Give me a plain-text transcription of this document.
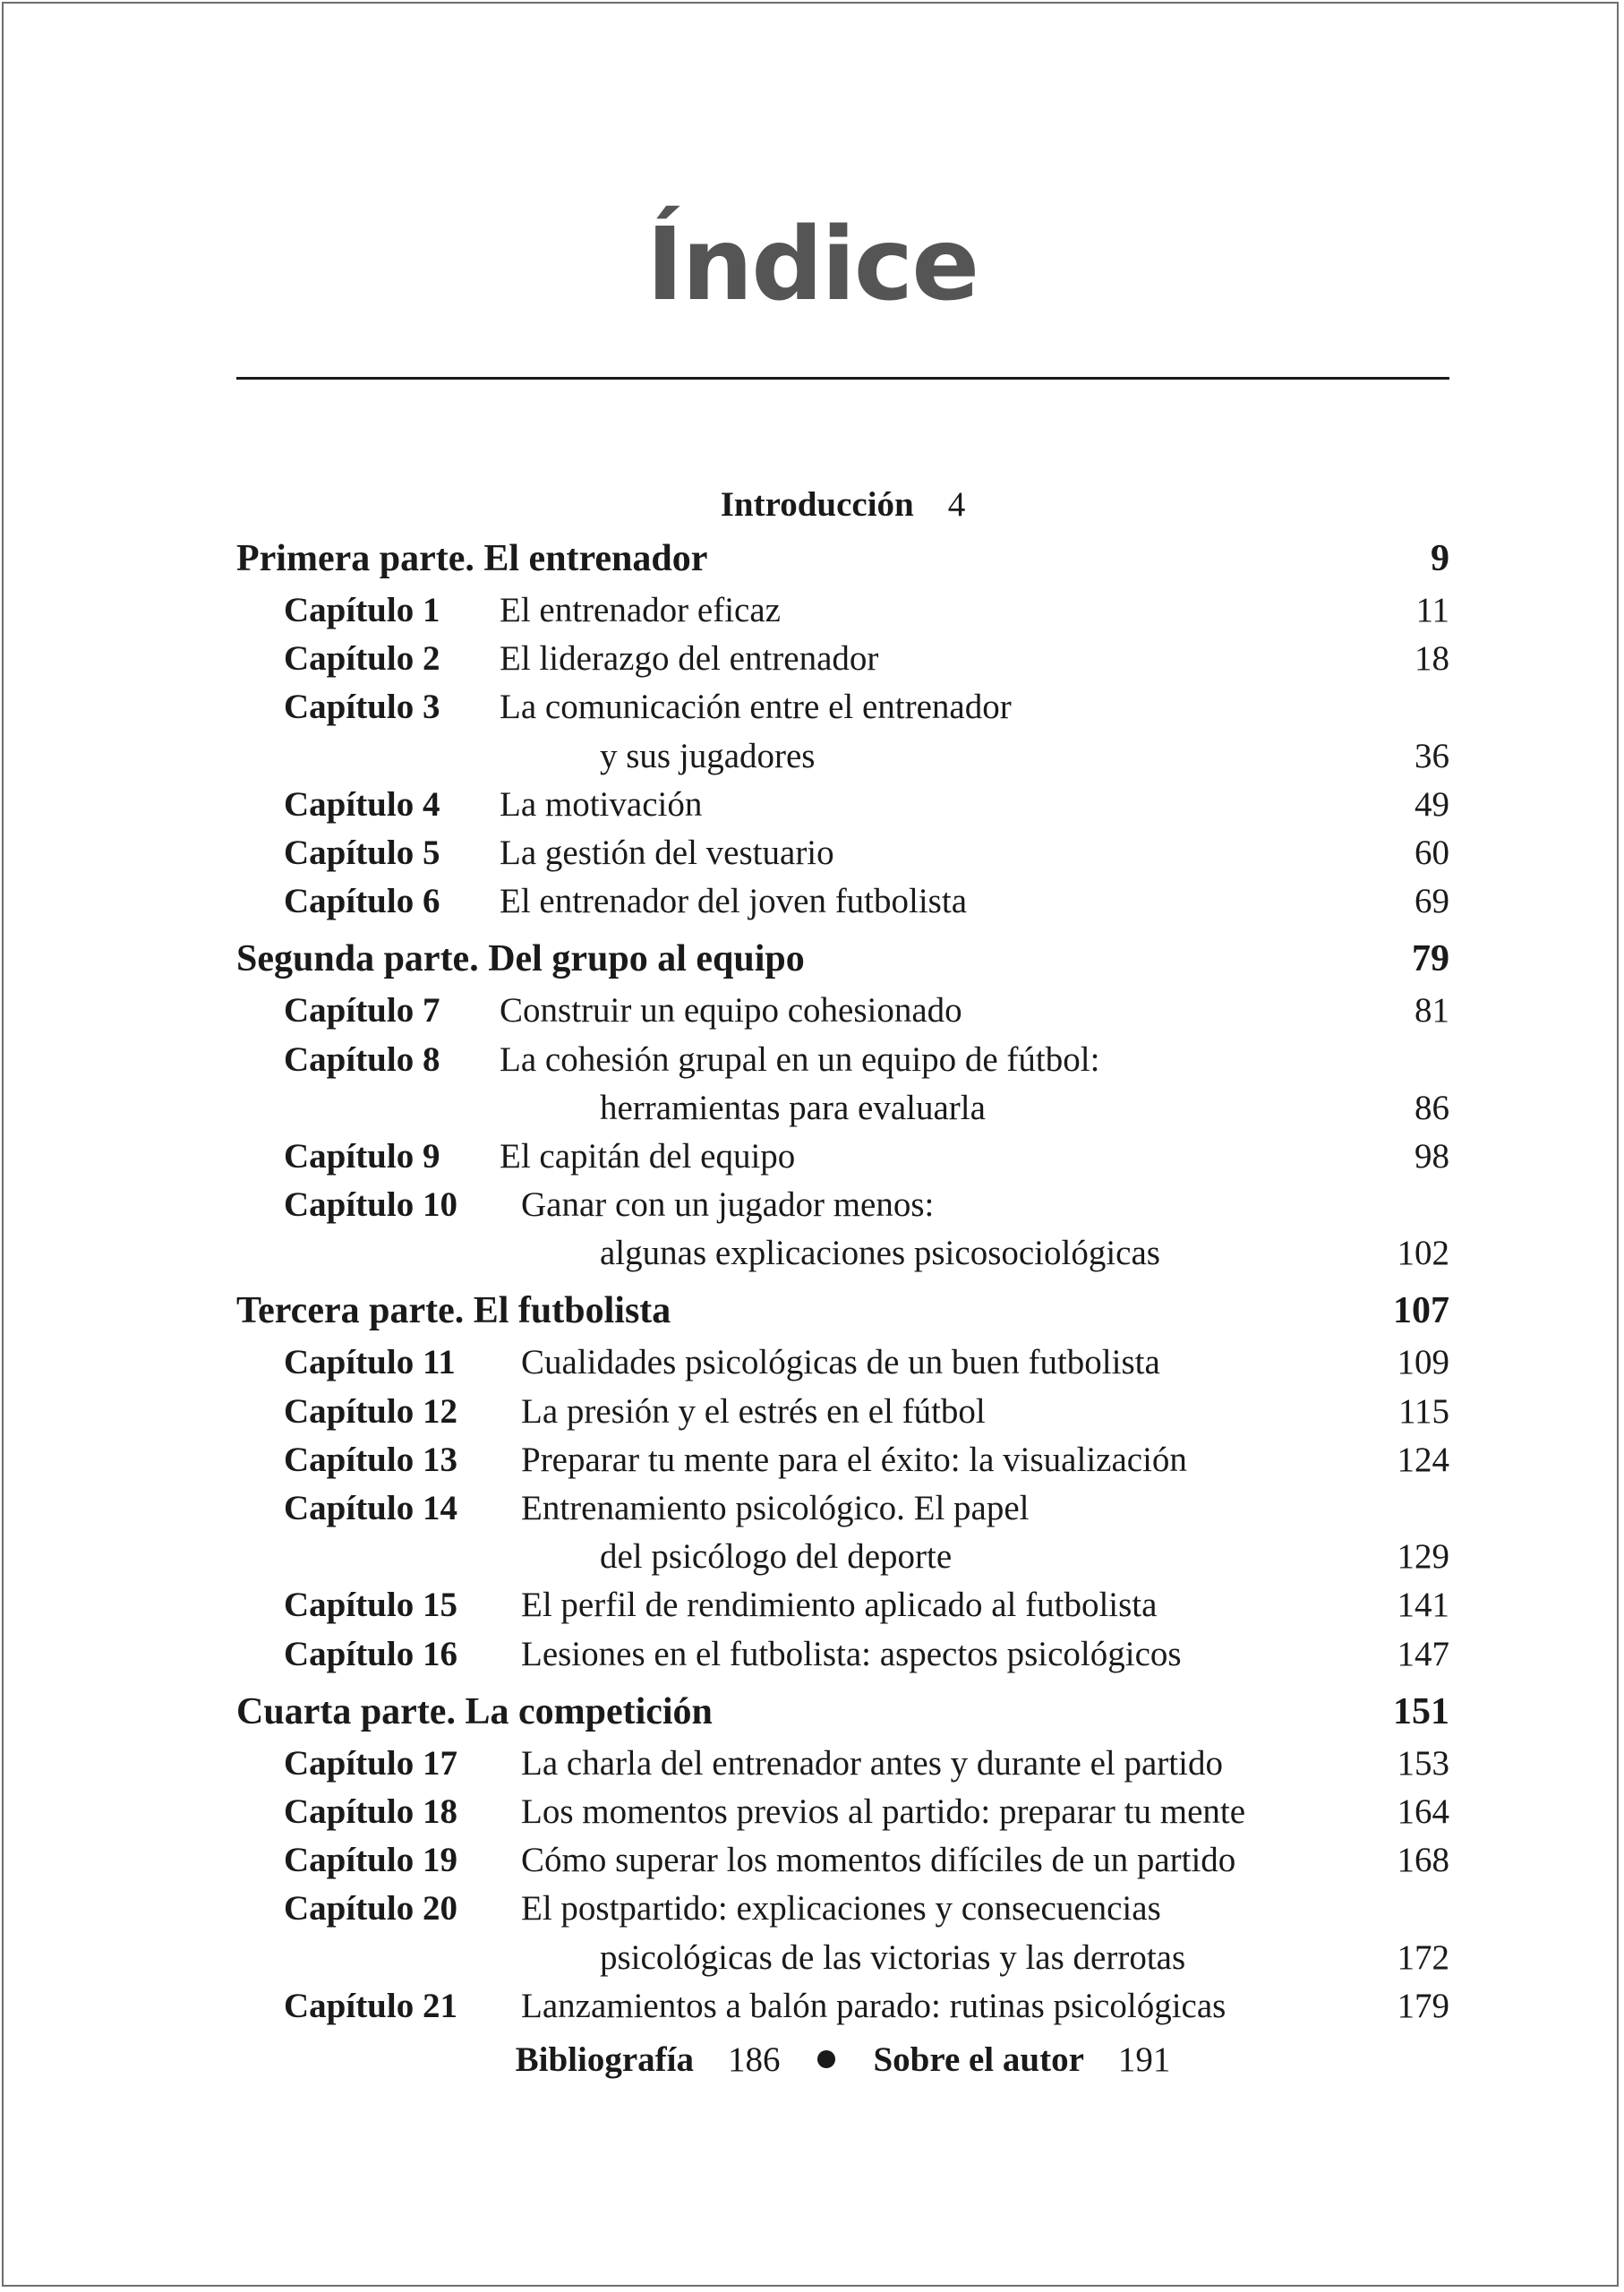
Índice
Introducción 4
Primera parte. El entrenador	9
Capítulo 1	El entrenador eficaz	11
Capítulo 2	El liderazgo del entrenador	18
Capítulo 3	La comunicación entre el entrenador
y sus jugadores	36
Capítulo 4	La motivación	49
Capítulo 5	La gestión del vestuario	60
Capítulo 6	El entrenador del joven futbolista	69
Segunda parte. Del grupo al equipo	79
Capítulo 7	Construir un equipo cohesionado	81
Capítulo 8	La cohesión grupal en un equipo de fútbol:
herramientas para evaluarla	86
Capítulo 9	El capitán del equipo	98
Capítulo 10	Ganar con un jugador menos:
algunas explicaciones psicosociológicas	102
Tercera parte. El futbolista	107
Capítulo 11	Cualidades psicológicas de un buen futbolista	109
Capítulo 12	La presión y el estrés en el fútbol	115
Capítulo 13	Preparar tu mente para el éxito: la visualización	124
Capítulo 14	Entrenamiento psicológico. El papel
del psicólogo del deporte	129
Capítulo 15	El perfil de rendimiento aplicado al futbolista	141
Capítulo 16	Lesiones en el futbolista: aspectos psicológicos	147
Cuarta parte. La competición	151
Capítulo 17	La charla del entrenador antes y durante el partido	153
Capítulo 18	Los momentos previos al partido: preparar tu mente	164
Capítulo 19	Cómo superar los momentos difíciles de un partido	168
Capítulo 20	El postpartido: explicaciones y consecuencias
psicológicas de las victorias y las derrotas	172
Capítulo 21	Lanzamientos a balón parado: rutinas psicológicas	179
Bibliografía 186	Sobre el autor 191
